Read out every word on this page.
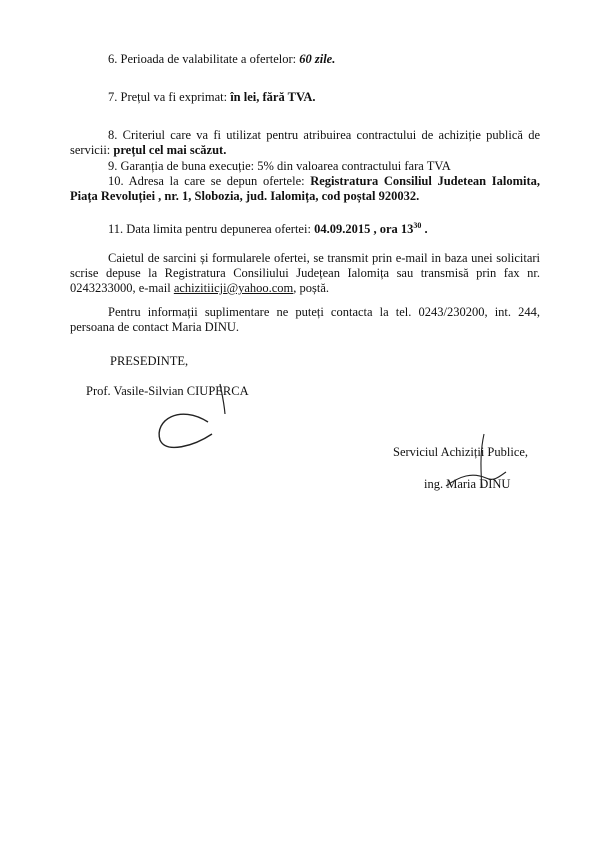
6. Perioada de valabilitate a ofertelor: 60 zile.

7. Prețul va fi exprimat: în lei, fără TVA.

8. Criteriul care va fi utilizat pentru atribuirea contractului de achiziție publică de servicii: prețul cel mai scăzut.

9. Garanția de buna execuție: 5% din valoarea contractului fara TVA

10. Adresa la care se depun ofertele: Registratura Consiliul Judetean Ialomita, Piața Revoluției , nr. 1, Slobozia, jud. Ialomița, cod poștal 920032.

11. Data limita pentru depunerea ofertei: 04.09.2015 , ora $13^{30}$ .

Caietul de sarcini și formularele ofertei, se transmit prin e-mail in baza unei solicitari scrise depuse la Registratura Consiliului Județean Ialomița sau transmisă prin fax nr. 0243233000, e-mail achizitiicji@yahoo.com, poștă.

Pentru informații suplimentare ne puteți contacta la tel. 0243/230200, int. 244, persoana de contact Maria DINU.

PRESEDINTE,
Prof. Vasile-Silvian CIUPERCA
Serviciul Achiziții Publice,
ing. Maria DINU
